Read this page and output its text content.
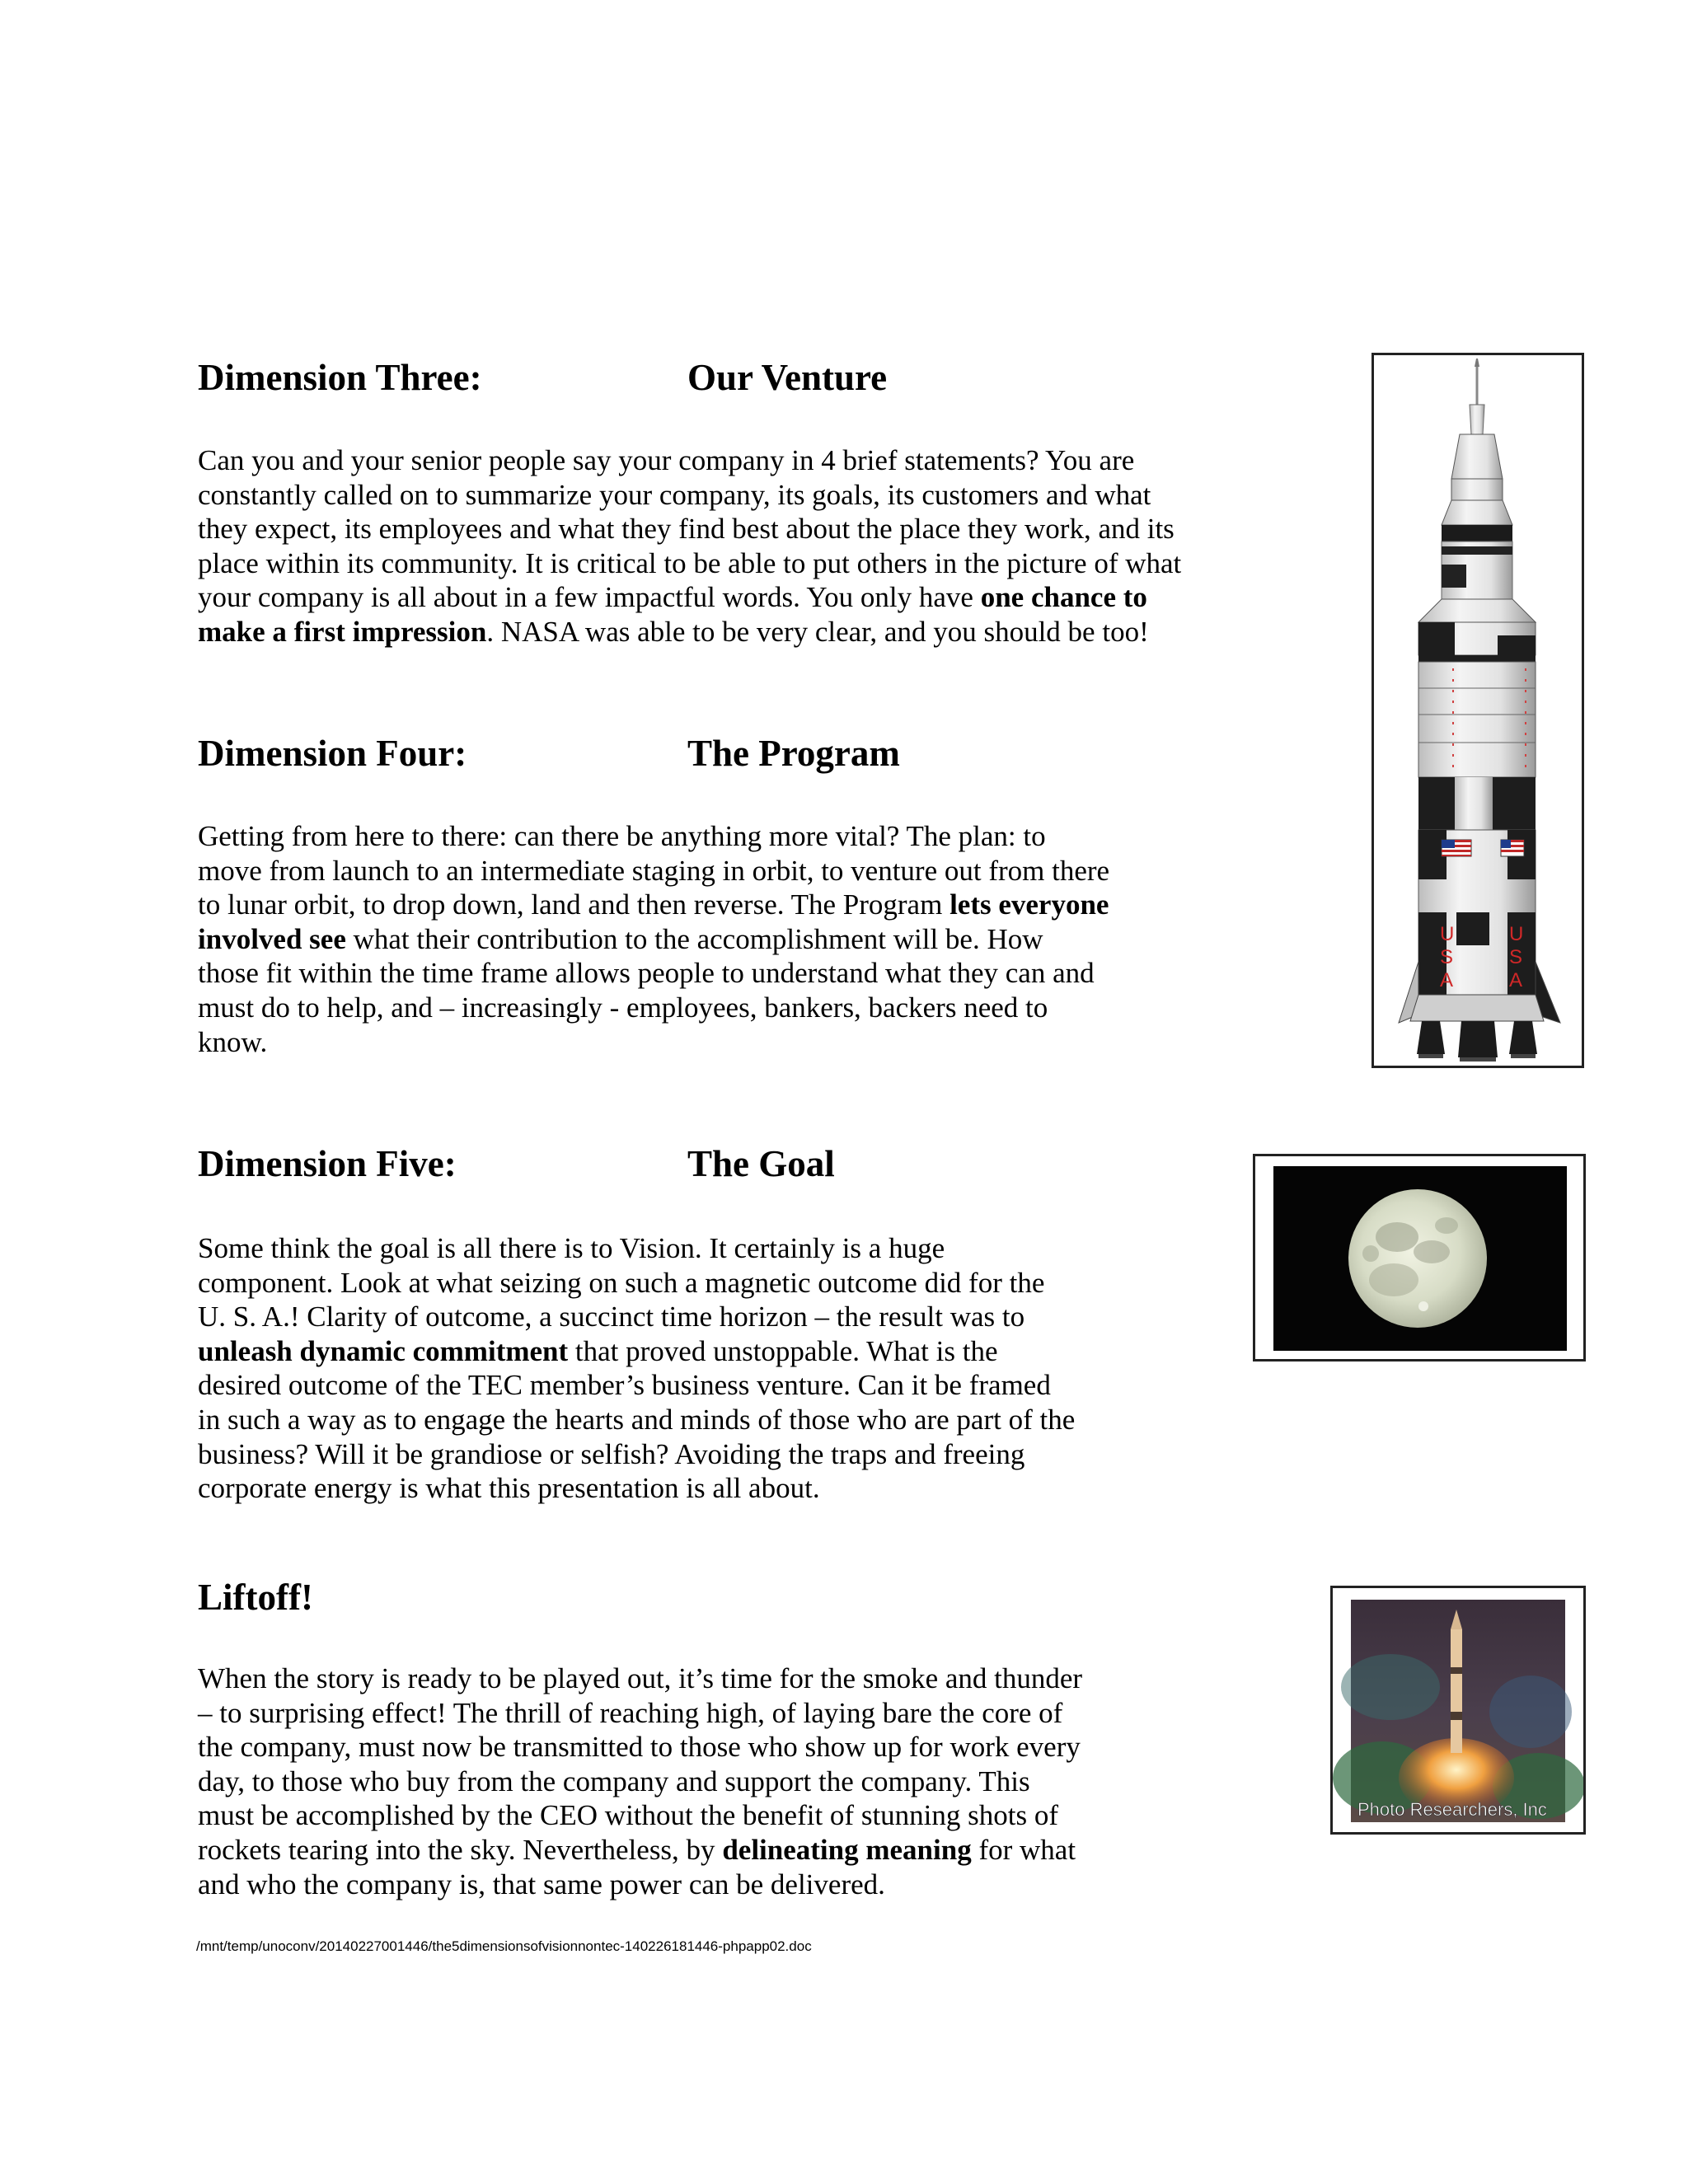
Dimension Three:	Our Venture
Can you and your senior people say your company in 4 brief statements? You are
constantly called on to summarize your company, its goals, its customers and what
they expect, its employees and what they find best about the place they work, and its
place within its community. It is critical to be able to put others in the picture of what
your company is all about in a few impactful words. You only have one chance to
make a first impression. NASA was able to be very clear, and you should be too!
Dimension Four:	The Program
Getting from here to there: can there be anything more vital? The plan: to
move from launch to an intermediate staging in orbit, to venture out from there
to lunar orbit, to drop down, land and then reverse. The Program lets everyone
involved see what their contribution to the accomplishment will be. How
those fit within the time frame allows people to understand what they can and
must do to help, and – increasingly - employees, bankers, backers need to
know.
Dimension Five:	The Goal
Some think the goal is all there is to Vision. It certainly is a huge
component. Look at what seizing on such a magnetic outcome did for the
U. S. A.! Clarity of outcome, a succinct time horizon – the result was to
unleash dynamic commitment that proved unstoppable. What is the
desired outcome of the TEC member’s business venture. Can it be framed
in such a way as to engage the hearts and minds of those who are part of the
business? Will it be grandiose or selfish? Avoiding the traps and freeing
corporate energy is what this presentation is all about.
Liftoff!
When the story is ready to be played out, it’s time for the smoke and thunder
– to surprising effect! The thrill of reaching high, of laying bare the core of
the company, must now be transmitted to those who show up for work every
day, to those who buy from the company and support the company. This
must be accomplished by the CEO without the benefit of stunning shots of
rockets tearing into the sky. Nevertheless, by delineating meaning for what
and who the company is, that same power can be delivered.
U
S
A
U
S
A
Photo Researchers, Inc
/mnt/temp/unoconv/20140227001446/the5dimensionsofvisionnontec-140226181446-phpapp02.doc
